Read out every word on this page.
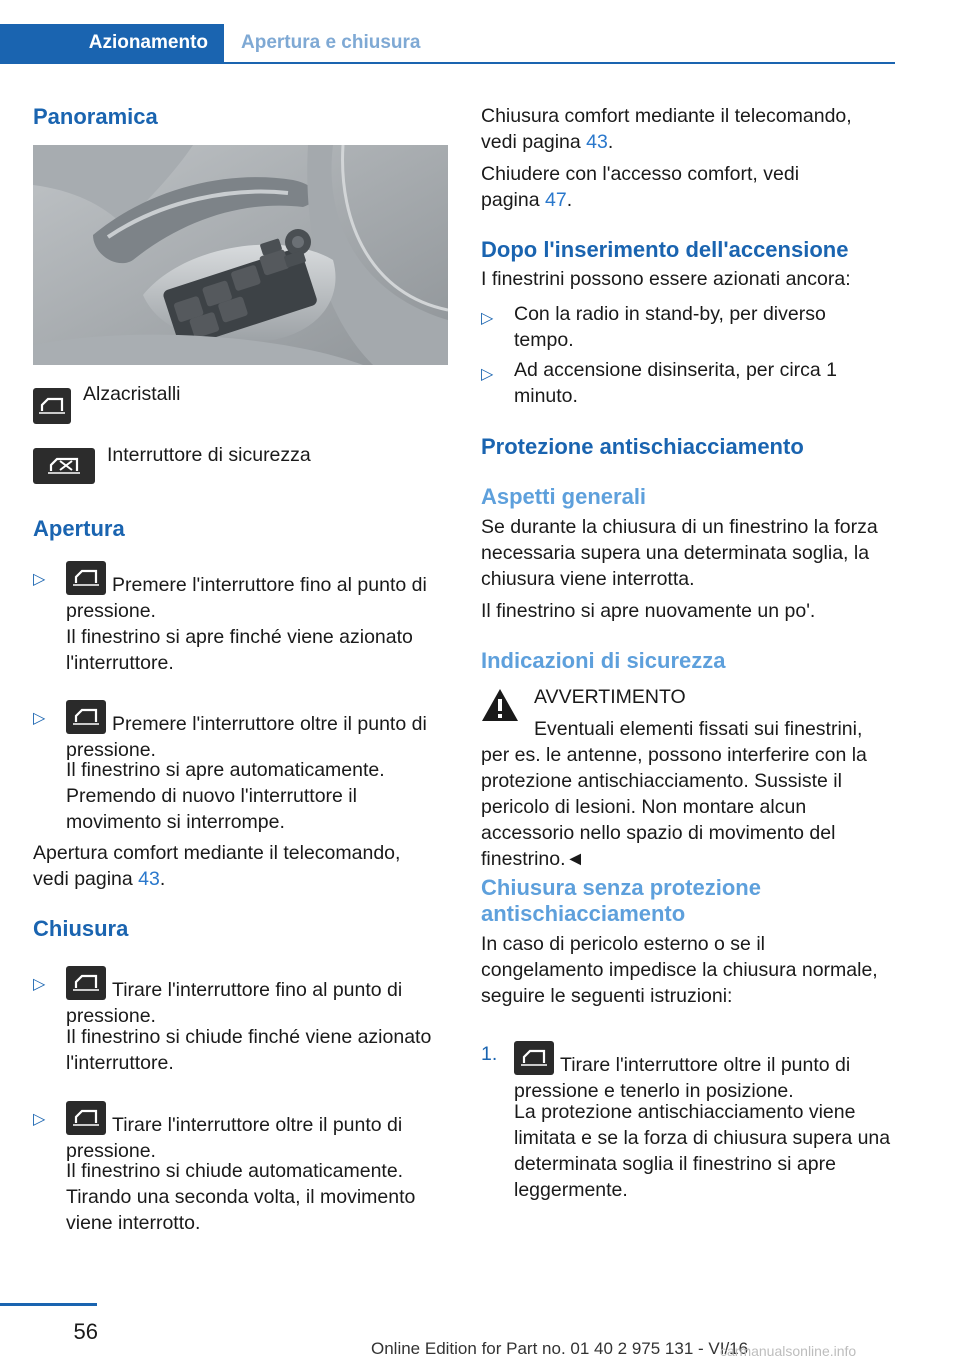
Azionamento	Apertura e chiusura
Panoramica
Alzacristalli
Interruttore di sicurezza
Apertura
▷	Premere l'interruttore fino al punto di pressione.
Il finestrino si apre finché viene azionato l'interruttore.
▷	Premere l'interruttore oltre il punto di pressione.
Il finestrino si apre automaticamente. Premendo di nuovo l'interruttore il movimento si interrompe.
Apertura comfort mediante il telecomando, vedi pagina 43.
Chiusura
▷	Tirare l'interruttore fino al punto di pressione.
Il finestrino si chiude finché viene azionato l'interruttore.
▷	Tirare l'interruttore oltre il punto di pressione.
Il finestrino si chiude automaticamente. Tirando una seconda volta, il movimento viene interrotto.
Chiusura comfort mediante il telecomando, vedi pagina 43.
Chiudere con l'accesso comfort, vedi pagina 47.
Dopo l'inserimento dell'accensione
I finestrini possono essere azionati ancora:
▷ Con la radio in stand-by, per diverso tempo.
▷ Ad accensione disinserita, per circa 1 minuto.
Protezione antischiacciamento
Aspetti generali
Se durante la chiusura di un finestrino la forza necessaria supera una determinata soglia, la chiusura viene interrotta.
Il finestrino si apre nuovamente un po'.
Indicazioni di sicurezza
AVVERTIMENTO
Eventuali elementi fissati sui finestrini, per es. le antenne, possono interferire con la protezione antischiacciamento. Sussiste il pericolo di lesioni. Non montare alcun accessorio nello spazio di movimento del finestrino.◄
Chiusura senza protezione antischiacciamento
In caso di pericolo esterno o se il congelamento impedisce la chiusura normale, seguire le seguenti istruzioni:
1.	Tirare l'interruttore oltre il punto di pressione e tenerlo in posizione.
La protezione antischiacciamento viene limitata e se la forza di chiusura supera una determinata soglia il finestrino si apre leggermente.
56
Online Edition for Part no. 01 40 2 975 131 - VI/16
carmanualsonline.info
